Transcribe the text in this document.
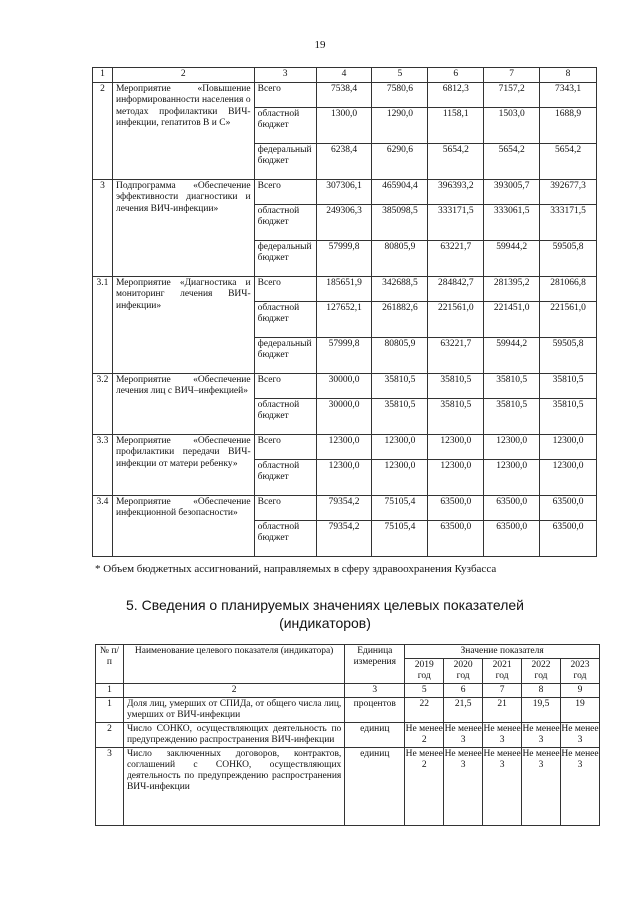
19
1	2	3	4	5	6	7	8
2	Мероприятие «Повышение информированности населения о методах профилактики ВИЧ-инфекции, гепатитов В и С»	Всего	7538,4	7580,6	6812,3	7157,2	7343,1
		областной бюджет	1300,0	1290,0	1158,1	1503,0	1688,9
		федеральный бюджет	6238,4	6290,6	5654,2	5654,2	5654,2
3	Подпрограмма «Обеспечение эффективности диагностики и лечения ВИЧ-инфекции»	Всего	307306,1	465904,4	396393,2	393005,7	392677,3
		областной бюджет	249306,3	385098,5	333171,5	333061,5	333171,5
		федеральный бюджет	57999,8	80805,9	63221,7	59944,2	59505,8
3.1	Мероприятие «Диагностика и мониторинг лечения ВИЧ-инфекции»	Всего	185651,9	342688,5	284842,7	281395,2	281066,8
		областной бюджет	127652,1	261882,6	221561,0	221451,0	221561,0
		федеральный бюджет	57999,8	80805,9	63221,7	59944,2	59505,8
3.2	Мероприятие «Обеспечение лечения лиц с ВИЧ–инфекцией»	Всего	30000,0	35810,5	35810,5	35810,5	35810,5
		областной бюджет	30000,0	35810,5	35810,5	35810,5	35810,5
3.3	Мероприятие «Обеспечение профилактики передачи ВИЧ-инфекции от матери ребенку»	Всего	12300,0	12300,0	12300,0	12300,0	12300,0
		областной бюджет	12300,0	12300,0	12300,0	12300,0	12300,0
3.4	Мероприятие «Обеспечение инфекционной безопасности»	Всего	79354,2	75105,4	63500,0	63500,0	63500,0
		областной бюджет	79354,2	75105,4	63500,0	63500,0	63500,0
* Объем бюджетных ассигнований, направляемых в сферу здравоохранения Кузбасса
5. Сведения о планируемых значениях целевых показателей
(индикаторов)
№ п/п	Наименование целевого показателя (индикатора)	Единица измерения	Значение показателя				
			2019 год	2020 год	2021 год	2022 год	2023 год
1	2	3	5	6	7	8	9
1	Доля лиц, умерших от СПИДа, от общего числа лиц, умерших от ВИЧ-инфекции	процентов	22	21,5	21	19,5	19
2	Число СОНКО, осуществляющих деятельность по предупреждению распространения ВИЧ-инфекции	единиц	Не менее 2	Не менее 3	Не менее 3	Не менее 3	Не менее 3
3	Число заключенных договоров, контрактов, соглашений с СОНКО, осуществляющих деятельность по предупреждению распространения ВИЧ-инфекции	единиц	Не менее 2	Не менее 3	Не менее 3	Не менее 3	Не менее 3
